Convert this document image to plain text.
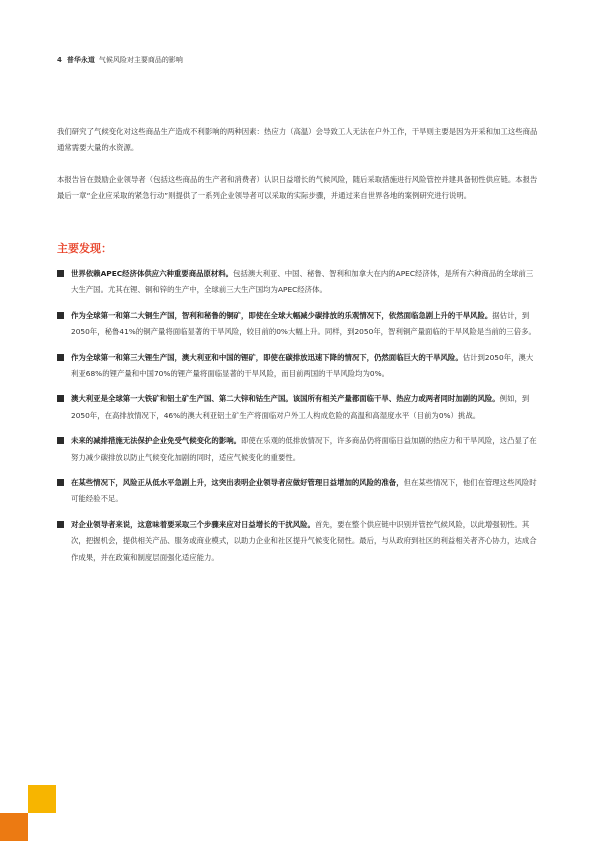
4 普华永道 气候风险对主要商品的影响

我们研究了气候变化对这些商品生产造成不利影响的两种因素：热应力（高温）会导致工人无法在户外工作，干旱则主要是因为开采和加工这些商品通常需要大量的水资源。

本报告旨在鼓励企业领导者（包括这些商品的生产者和消费者）认识日益增长的气候风险，随后采取措施进行风险管控并建具备韧性供应链。本报告最后一章“企业应采取的紧急行动”则提供了一系列企业领导者可以采取的实际步骤，并通过来自世界各地的案例研究进行说明。

主要发现：
世界依赖APEC经济体供应六种重要商品原材料。包括澳大利亚、中国、秘鲁、智利和加拿大在内的APEC经济体，是所有六种商品的全球前三大生产国。尤其在锂、铜和锌的生产中，全球前三大生产国均为APEC经济体。
作为全球第一和第二大铜生产国，智利和秘鲁的铜矿，即使在全球大幅减少碳排放的乐观情况下，依然面临急剧上升的干旱风险。据估计，到2050年，秘鲁41%的铜产量将面临显著的干旱风险，较目前的0%大幅上升。同样，到2050年，智利铜产量面临的干旱风险是当前的三倍多。
作为全球第一和第三大锂生产国，澳大利亚和中国的锂矿，即使在碳排放迅速下降的情况下，仍然面临巨大的干旱风险。估计到2050年，澳大利亚68%的锂产量和中国70%的锂产量将面临显著的干旱风险，而目前两国的干旱风险均为0%。
澳大利亚是全球第一大铁矿和铝土矿生产国、第二大锌和钴生产国。该国所有相关产量都面临干旱、热应力或两者同时加剧的风险。例如，到2050年，在高排放情况下，46%的澳大利亚铝土矿生产将面临对户外工人构成危险的高温和高湿度水平（目前为0%）挑战。
未来的减排措施无法保护企业免受气候变化的影响。即使在乐观的低排放情况下，许多商品仍将面临日益加剧的热应力和干旱风险，这凸显了在努力减少碳排放以防止气候变化加剧的同时，适应气候变化的重要性。
在某些情况下，风险正从低水平急剧上升，这突出表明企业领导者应做好管理日益增加的风险的准备，但在某些情况下，他们在管理这些风险时可能经验不足。
对企业领导者来说，这意味着要采取三个步骤来应对日益增长的干扰风险。首先，要在整个供应链中识别并管控气候风险，以此增强韧性。其次，把握机会，提供相关产品、服务或商业模式，以助力企业和社区提升气候变化韧性。最后，与从政府到社区的利益相关者齐心协力，达成合作成果，并在政策和制度层面强化适应能力。
